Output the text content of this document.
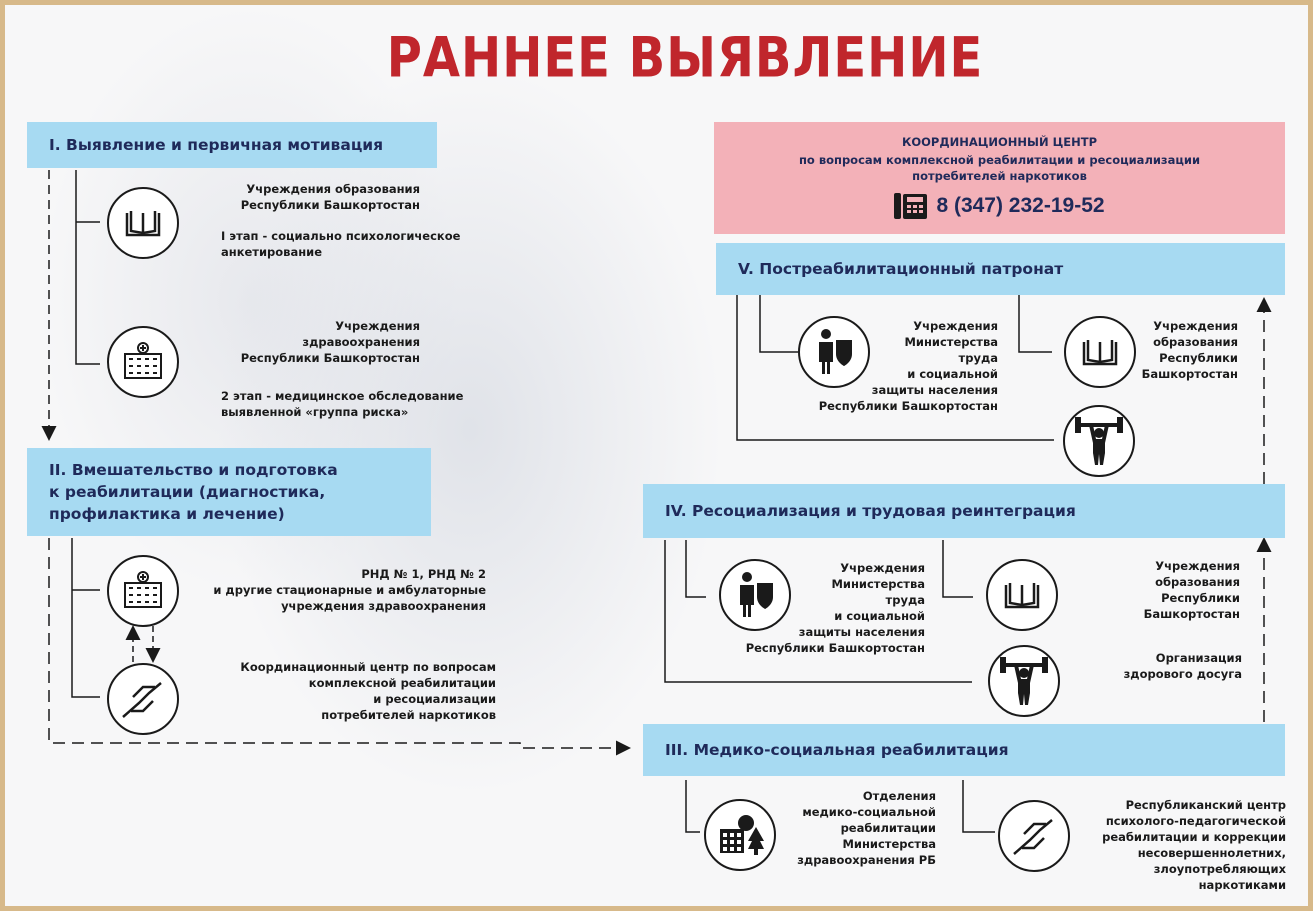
РАННЕЕ ВЫЯВЛЕНИЕ
I. Выявление и первичная мотивация
Учреждения образования
Республики Башкортостан
I этап - социально психологическое
анкетирование
Учреждения
здравоохранения
Республики Башкортостан
2 этап - медицинское обследование
выявленной «группа риска»
II. Вмешательство и подготовка
к реабилитации (диагностика,
профилактика и лечение)
РНД № 1, РНД № 2
и другие стационарные и амбулаторные
учреждения здравоохранения
Координационный центр по вопросам
комплексной реабилитации
и ресоциализации
потребителей наркотиков
КООРДИНАЦИОННЫЙ ЦЕНТР
по вопросам комплексной реабилитации и ресоциализации
потребителей наркотиков
8 (347) 232-19-52
V. Постреабилитационный патронат
Учреждения
Министерства
труда
и социальной
защиты населения
Республики Башкортостан
Учреждения
образования
Республики
Башкортостан
IV. Ресоциализация и трудовая реинтеграция
Учреждения
Министерства
труда
и социальной
защиты населения
Республики Башкортостан
Учреждения
образования
Республики
Башкортостан
Организация
здорового досуга
III. Медико-социальная реабилитация
Отделения
медико-социальной
реабилитации
Министерства
здравоохранения РБ
Республиканский центр
психолого-педагогической
реабилитации и коррекции
несовершеннолетних,
злоупотребляющих наркотиками
